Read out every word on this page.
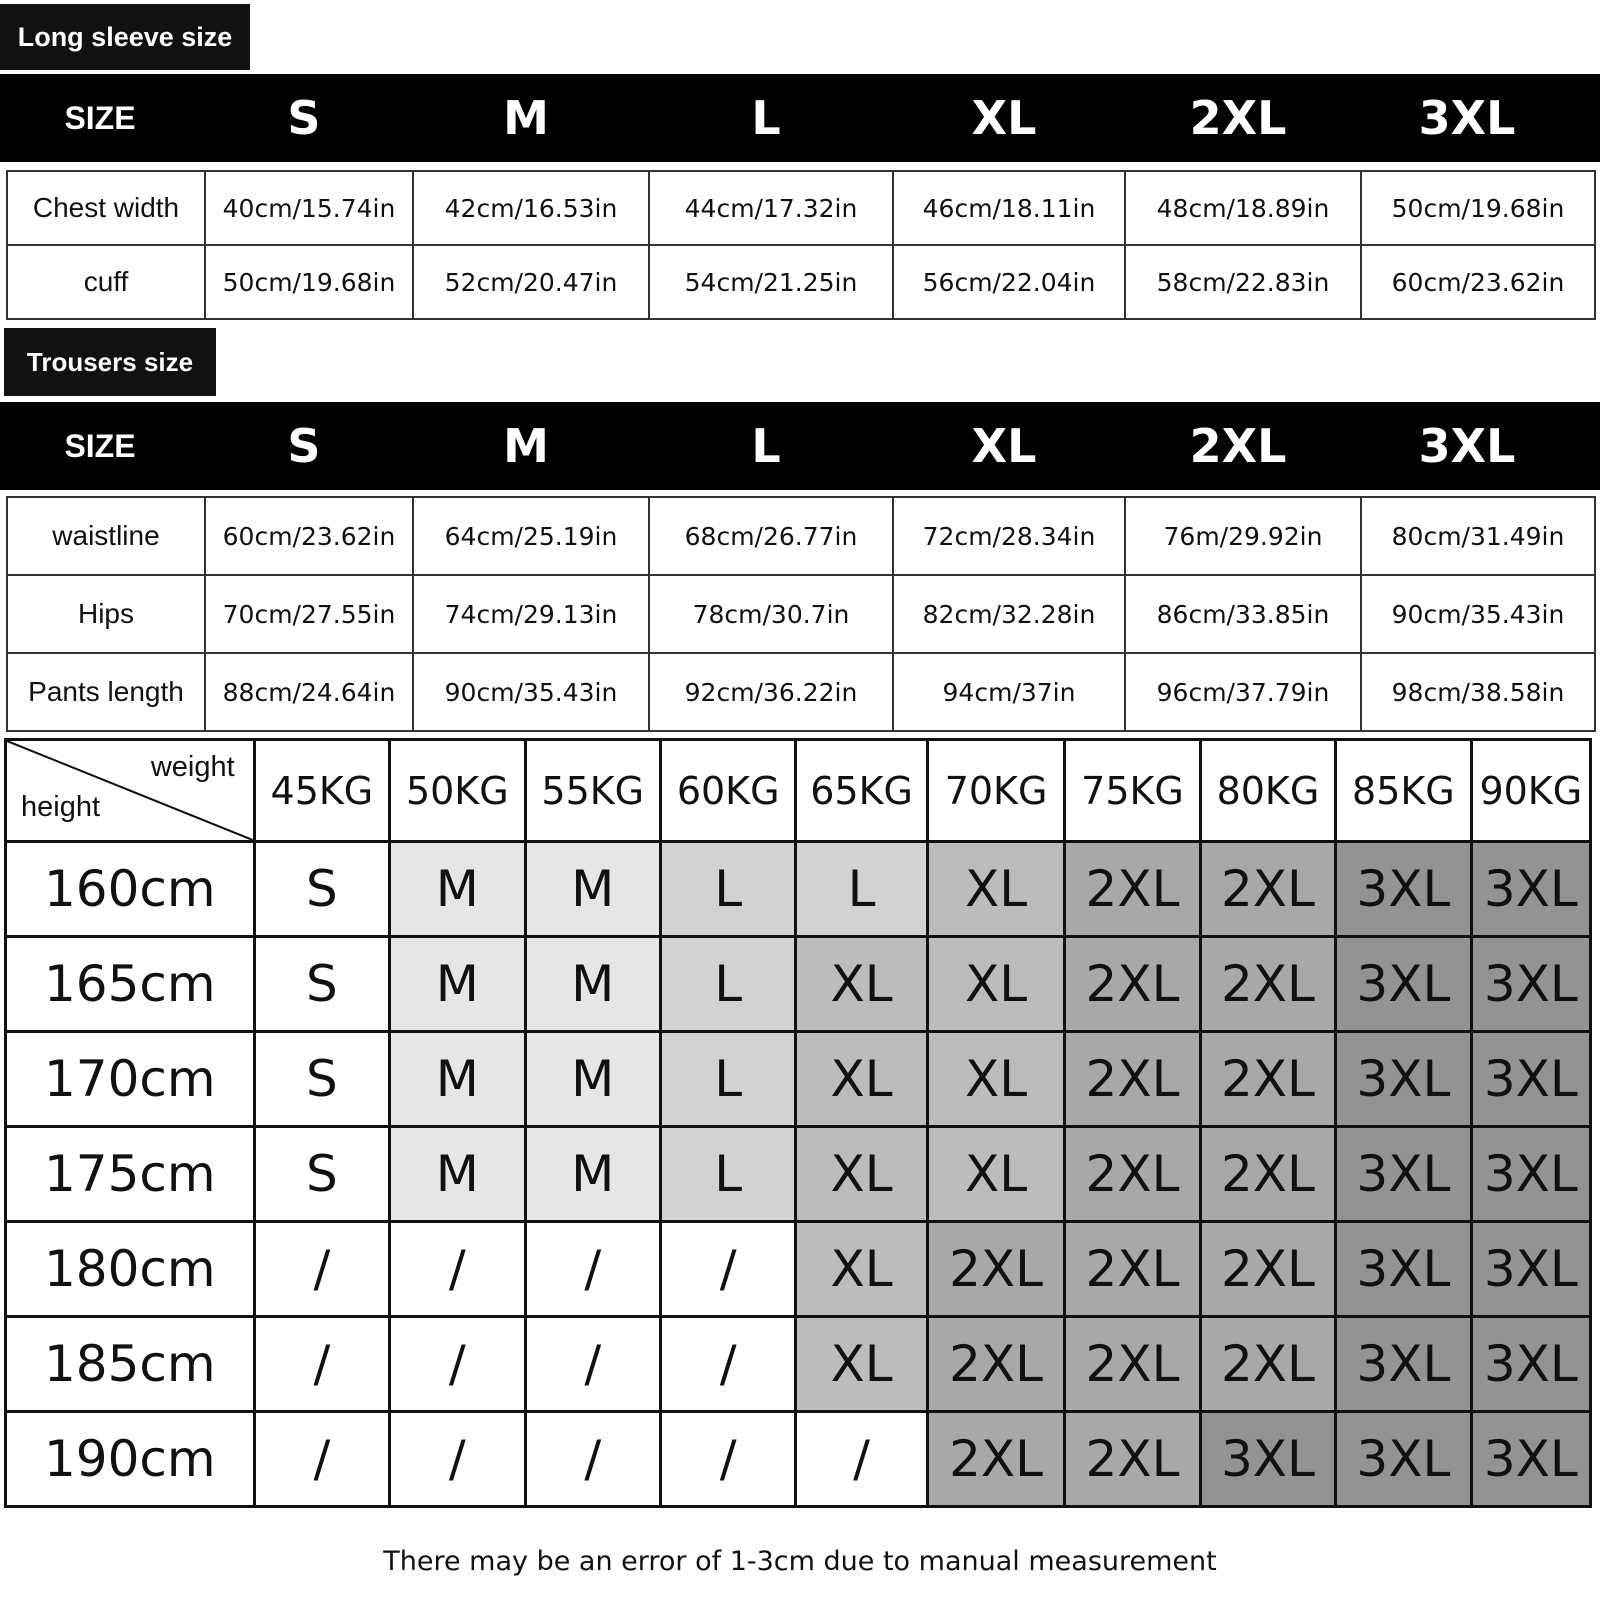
Long sleeve size
SIZE	S	M	L	XL	2XL	3XL
Chest width	40cm/15.74in	42cm/16.53in	44cm/17.32in	46cm/18.11in	48cm/18.89in	50cm/19.68in
cuff	50cm/19.68in	52cm/20.47in	54cm/21.25in	56cm/22.04in	58cm/22.83in	60cm/23.62in
Trousers size
SIZE	S	M	L	XL	2XL	3XL
waistline	60cm/23.62in	64cm/25.19in	68cm/26.77in	72cm/28.34in	76m/29.92in	80cm/31.49in
Hips	70cm/27.55in	74cm/29.13in	78cm/30.7in	82cm/32.28in	86cm/33.85in	90cm/35.43in
Pants length	88cm/24.64in	90cm/35.43in	92cm/36.22in	94cm/37in	96cm/37.79in	98cm/38.58in
weight
height	45KG	50KG	55KG	60KG	65KG	70KG	75KG	80KG	85KG	90KG
160cm	S	M	M	L	L	XL	2XL	2XL	3XL	3XL
165cm	S	M	M	L	XL	XL	2XL	2XL	3XL	3XL
170cm	S	M	M	L	XL	XL	2XL	2XL	3XL	3XL
175cm	S	M	M	L	XL	XL	2XL	2XL	3XL	3XL
180cm	/	/	/	/	XL	2XL	2XL	2XL	3XL	3XL
185cm	/	/	/	/	XL	2XL	2XL	2XL	3XL	3XL
190cm	/	/	/	/	/	2XL	2XL	3XL	3XL	3XL
There may be an error of 1-3cm due to manual measurement
